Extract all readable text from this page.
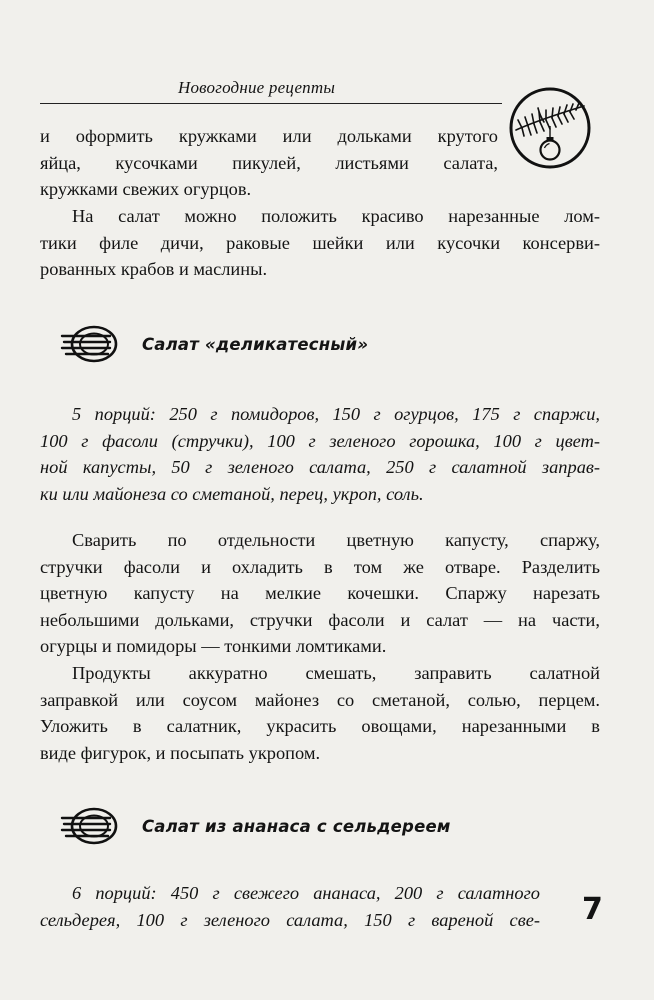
Новогодние рецепты
и оформить кружками или дольками крутого
яйца, кусочками пикулей, листьями салата,
кружками свежих огурцов.
На салат можно положить красиво нарезанные лом-
тики филе дичи, раковые шейки или кусочки консерви-
рованных крабов и маслины.
Салат «деликатесный»
5 порций: 250 г помидоров, 150 г огурцов, 175 г спаржи,
100 г фасоли (стручки), 100 г зеленого горошка, 100 г цвет-
ной капусты, 50 г зеленого салата, 250 г салатной заправ-
ки или майонеза со сметаной, перец, укроп, соль.
Сварить по отдельности цветную капусту, спаржу,
стручки фасоли и охладить в том же отваре. Разделить
цветную капусту на мелкие кочешки. Спаржу нарезать
небольшими дольками, стручки фасоли и салат — на части,
огурцы и помидоры — тонкими ломтиками.
Продукты аккуратно смешать, заправить салатной
заправкой или соусом майонез со сметаной, солью, перцем.
Уложить в салатник, украсить овощами, нарезанными в
виде фигурок, и посыпать укропом.
Салат из ананаса с сельдереем
6 порций: 450 г свежего ананаса, 200 г салатного
сельдерея, 100 г зеленого салата, 150 г вареной све- 7
